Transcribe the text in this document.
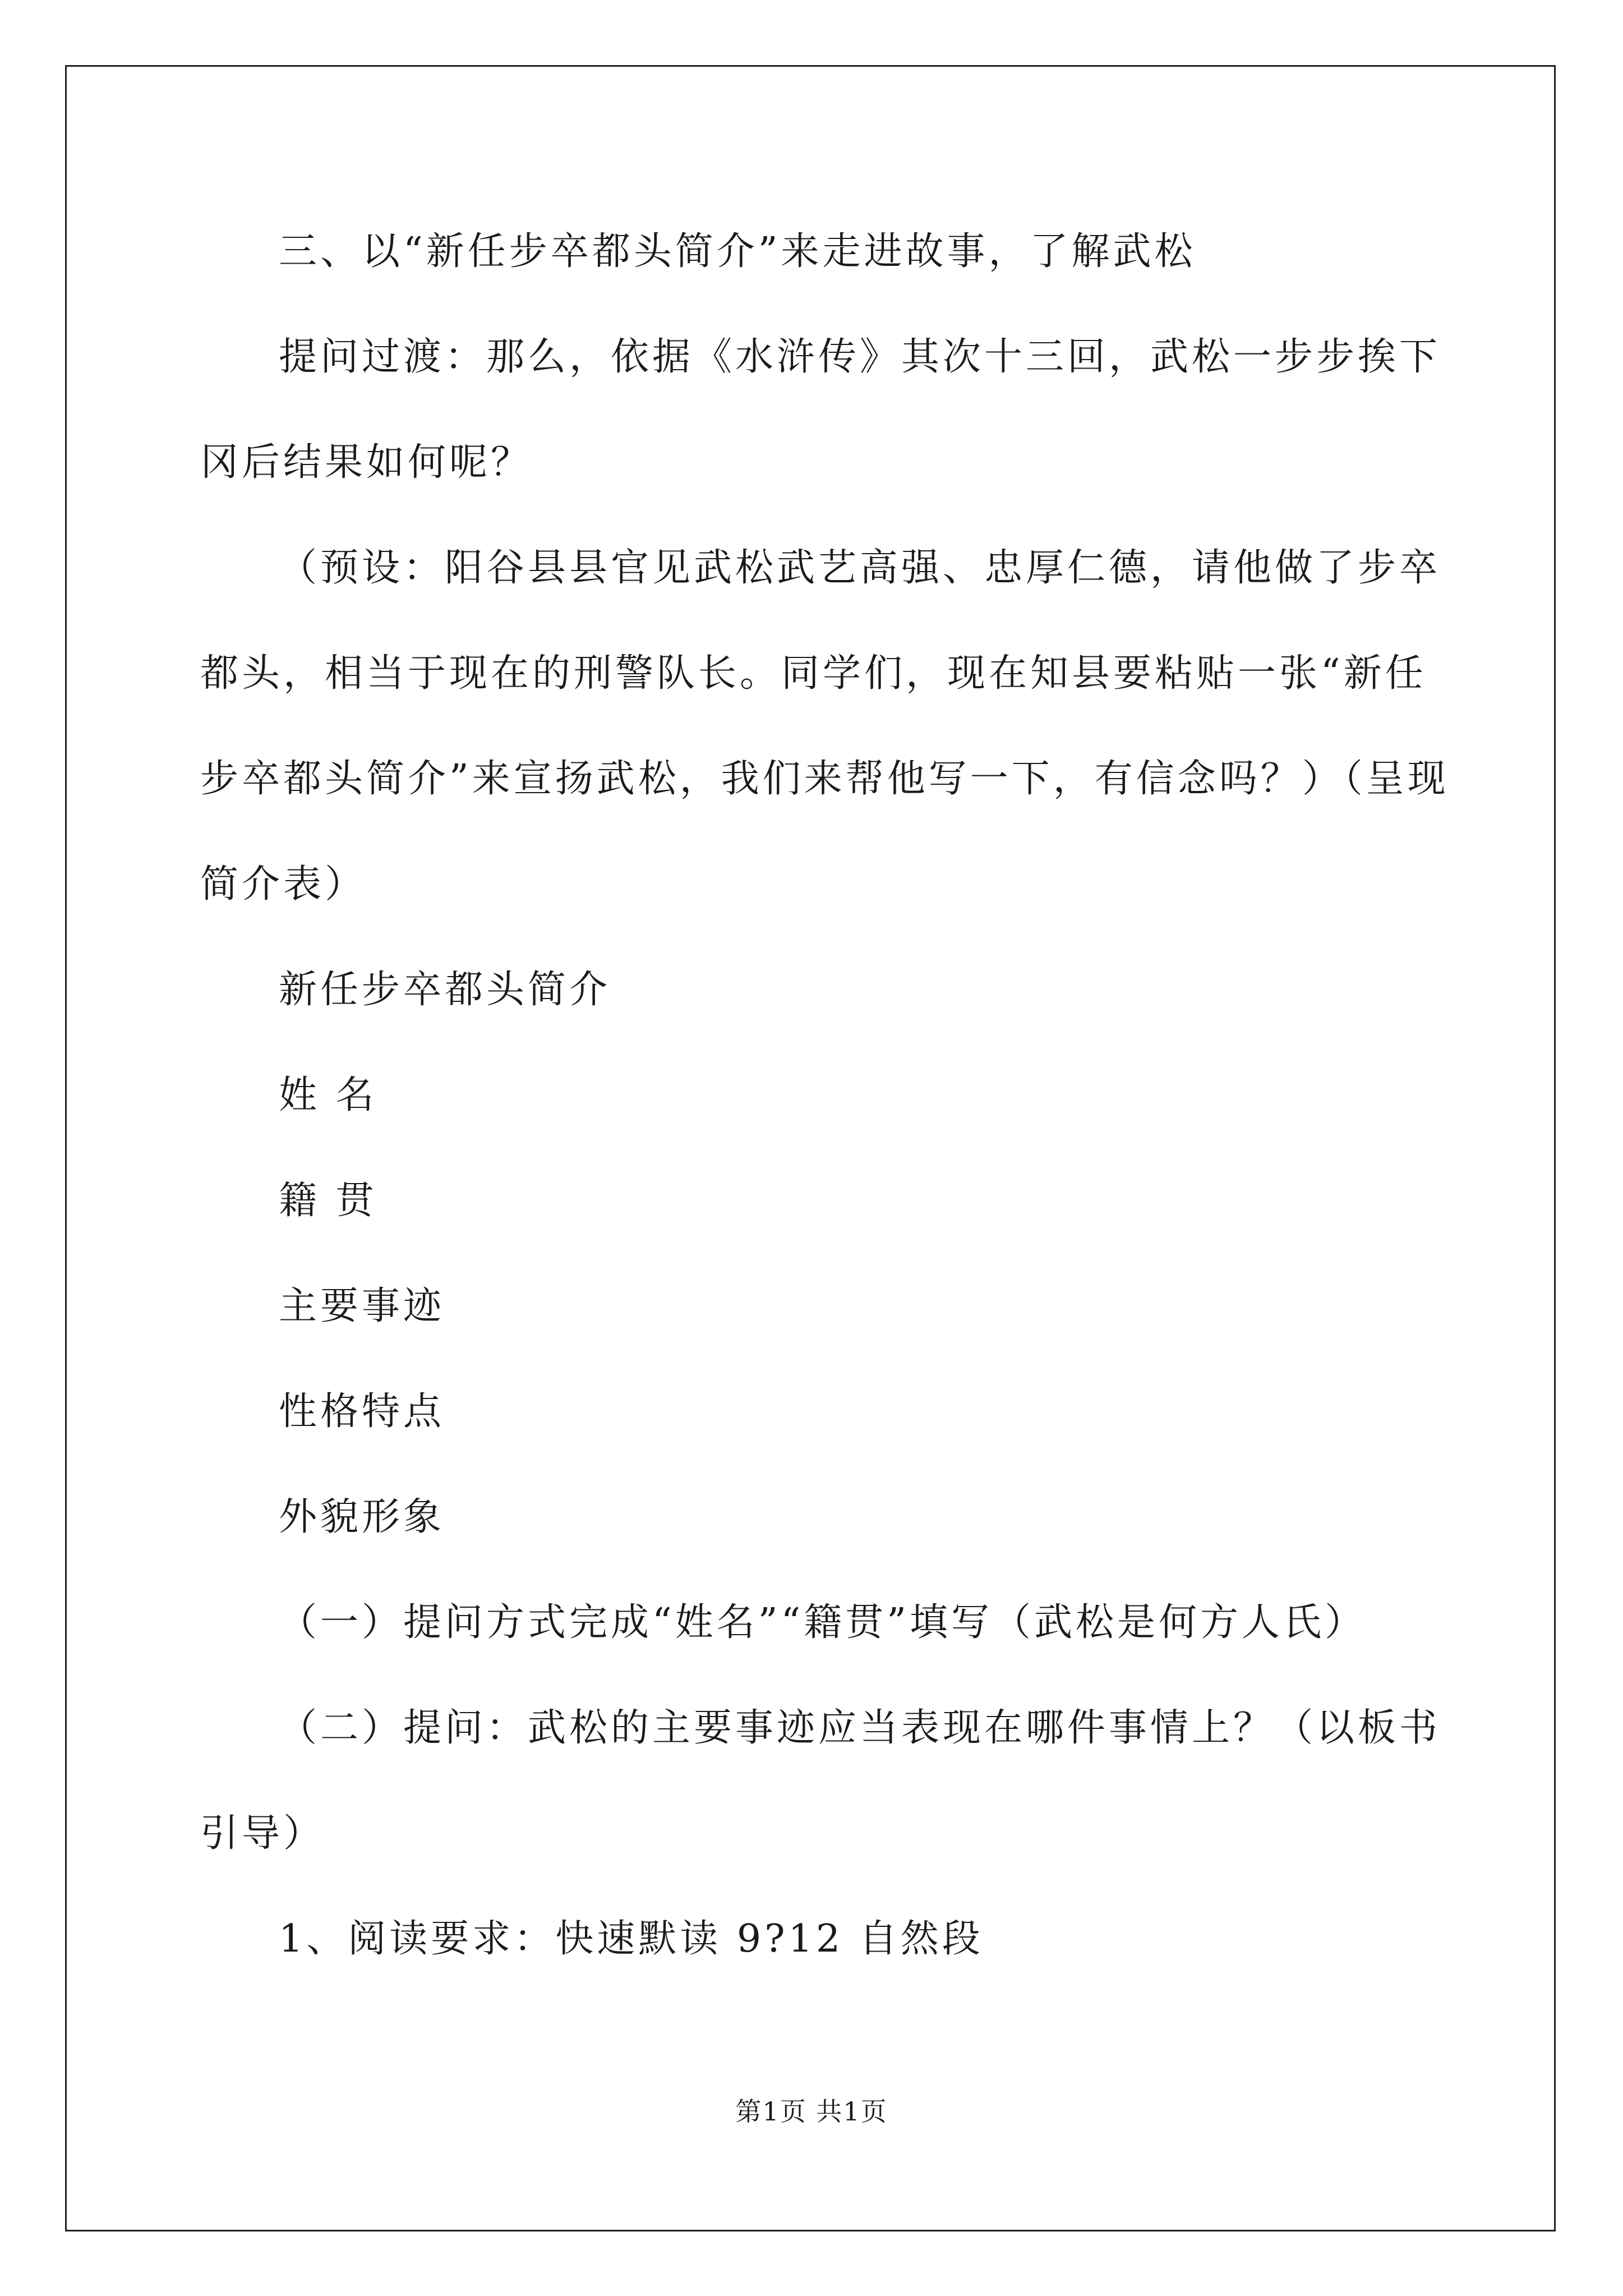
三、以“新任步卒都头简介”来走进故事，了解武松

提问过渡：那么，依据《水浒传》其次十三回，武松一步步挨下

冈后结果如何呢？

（预设：阳谷县县官见武松武艺高强、忠厚仁德，请他做了步卒

都头，相当于现在的刑警队长。同学们，现在知县要粘贴一张“新任

步卒都头简介”来宣扬武松，我们来帮他写一下，有信念吗？）（呈现

简介表）

新任步卒都头简介

姓 名

籍 贯

主要事迹

性格特点

外貌形象

（一）提问方式完成“姓名”“籍贯”填写（武松是何方人氏）

（二）提问：武松的主要事迹应当表现在哪件事情上？（以板书

引导）

1、阅读要求：快速默读 9?12 自然段

第1页 共1页
